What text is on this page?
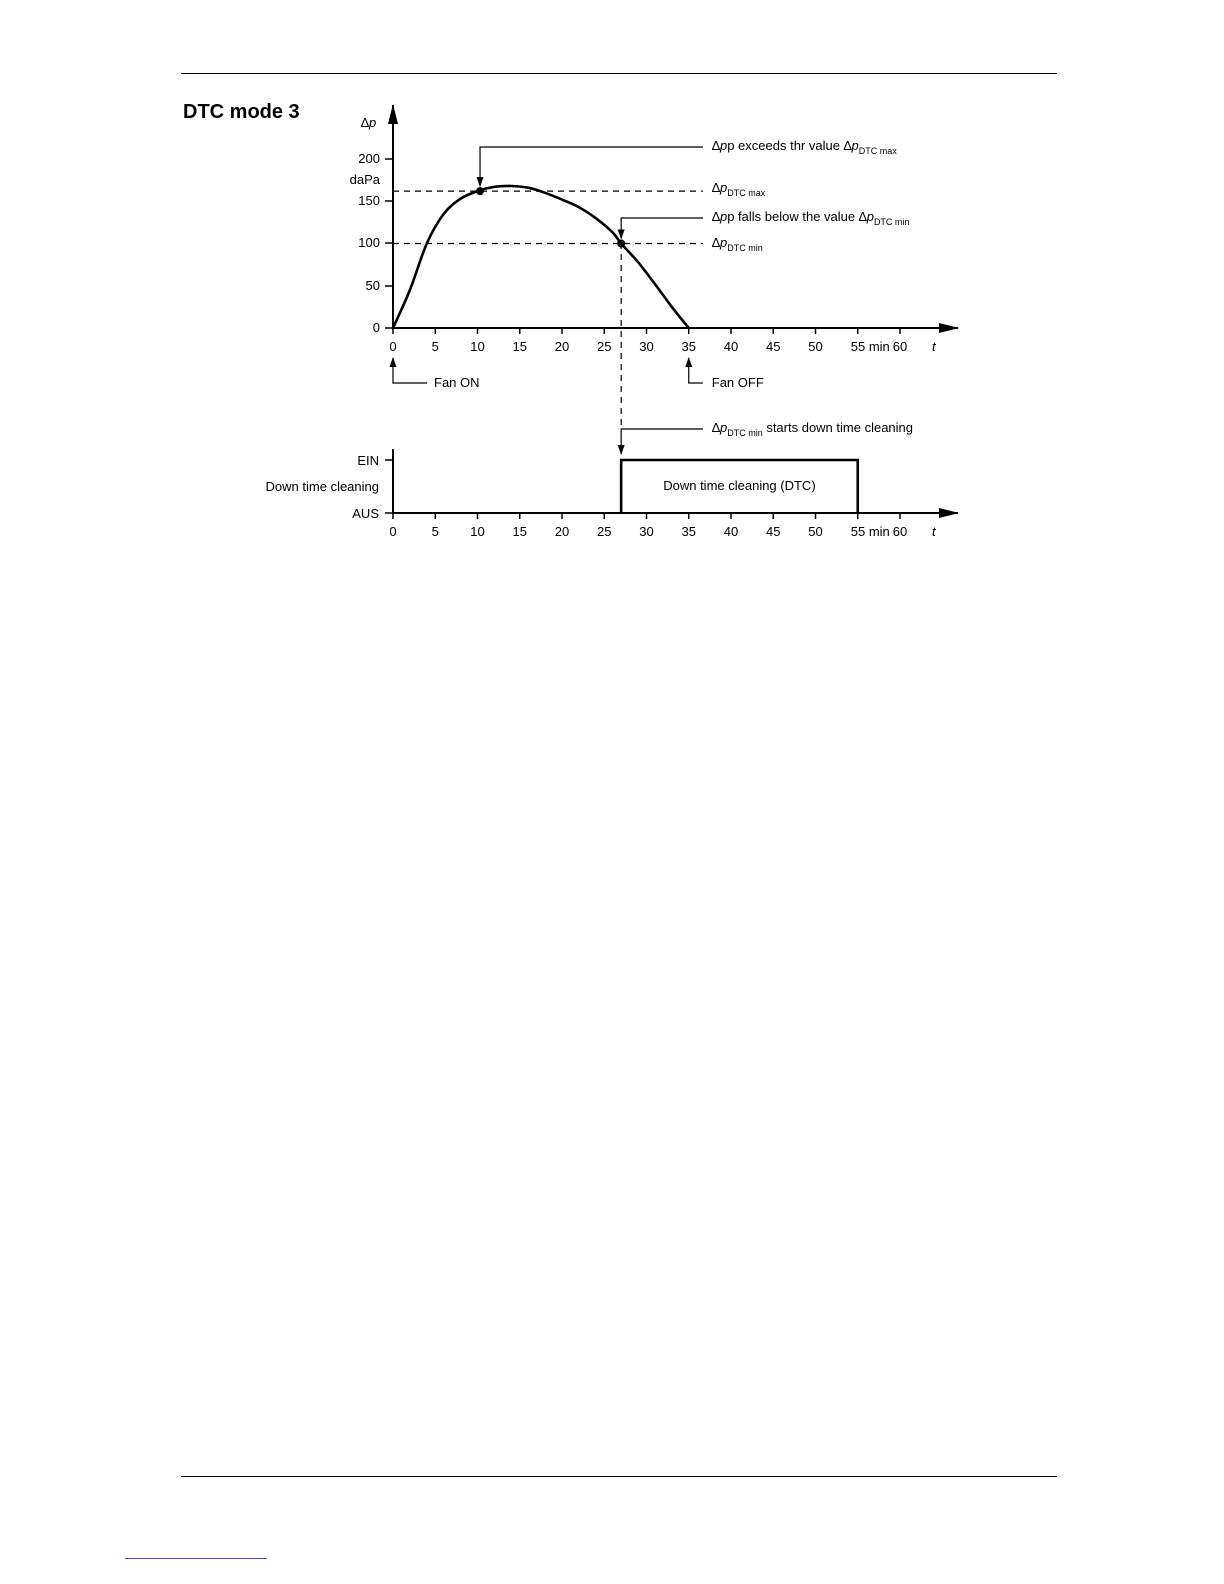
DTC mode 3	∆p
t
200
daPa
150
100
50
0
0	5 10 15 20 25 30 35 40 45 50 55 min 60
∆pp exceeds thr value $\Delta p_{DTC max}$
$\Delta p_{DTC max}$
∆pp falls below the value $\Delta p_{DTC min}$
$\Delta p_{DTC min}$
Fan ON	Fan OFF
$\Delta p_{DTC min}$ starts down time cleaning
EIN
Down time cleaning
AUS
t
0	5 10 15 20 25 30 35 40 45 50 55 min 60
Down time cleaning (DTC)
